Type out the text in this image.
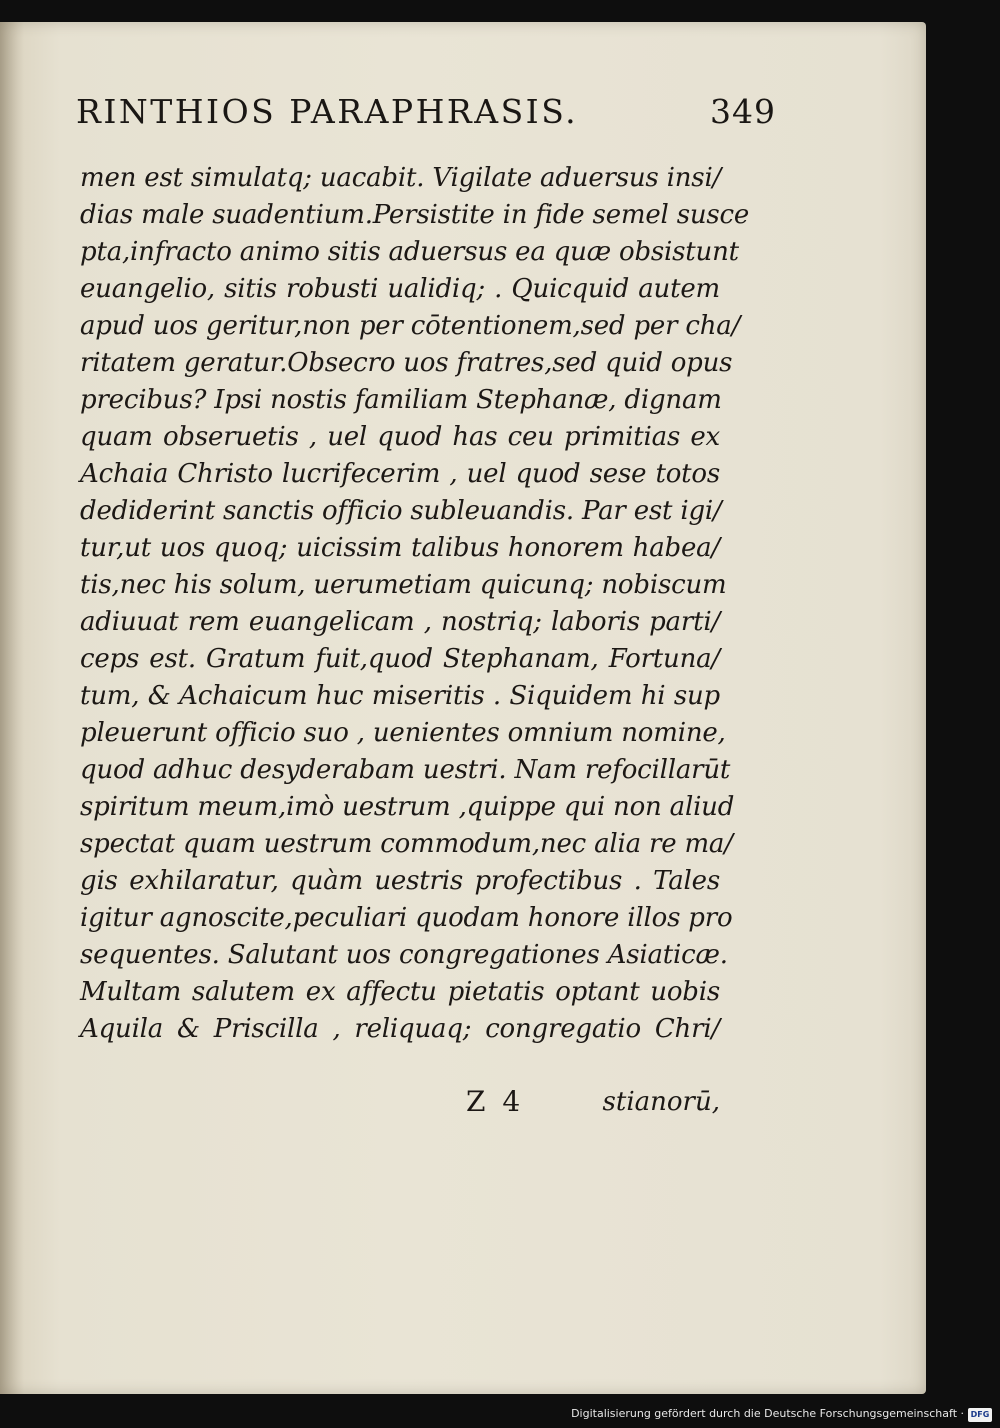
RINTHIOS PARAPHRASIS.	349
men est simulatq; uacabit. Vigilate aduersus insi/
dias male suadentium.Persistite in fide semel susce
pta,infracto animo sitis aduersus ea quæ obsistunt
euangelio, sitis robusti ualidiq; . Quicquid autem
apud uos geritur,non per cōtentionem,sed per cha/
ritatem geratur.Obsecro uos fratres,sed quid opus
precibus? Ipsi nostis familiam Stephanæ, dignam
quam obseruetis , uel quod has ceu primitias ex
Achaia Christo lucrifecerim , uel quod sese totos
dediderint sanctis officio subleuandis. Par est igi/
tur,ut uos quoq; uicissim talibus honorem habea/
tis,nec his solum, uerumetiam quicunq; nobiscum
adiuuat rem euangelicam , nostriq; laboris parti/
ceps est. Gratum fuit,quod Stephanam, Fortuna/
tum, & Achaicum huc miseritis . Siquidem hi sup
pleuerunt officio suo , uenientes omnium nomine,
quod adhuc desyderabam uestri. Nam refocillarūt
spiritum meum,imò uestrum ,quippe qui non aliud
spectat quam uestrum commodum,nec alia re ma/
gis exhilaratur, quàm uestris profectibus . Tales
igitur agnoscite,peculiari quodam honore illos pro
sequentes. Salutant uos congregationes Asiaticæ.
Multam salutem ex affectu pietatis optant uobis
Aquila & Priscilla , reliquaq; congregatio Chri/
Z 4	stianorū,
Digitalisierung gefördert durch die Deutsche Forschungsgemeinschaft · DFG
